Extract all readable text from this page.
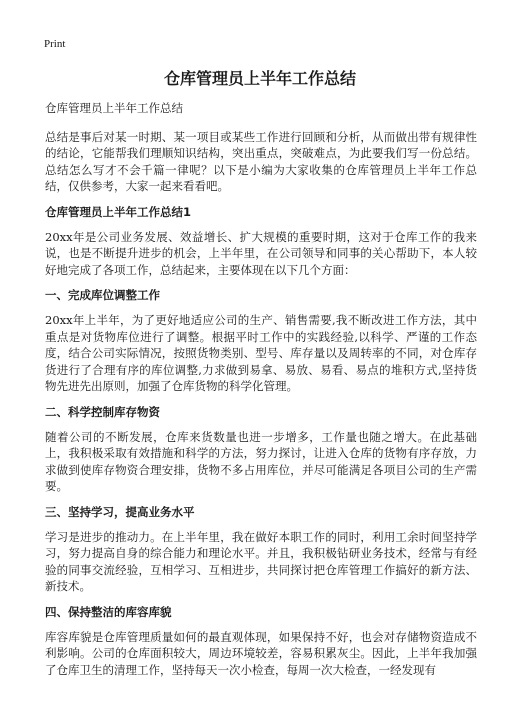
Print
仓库管理员上半年工作总结

仓库管理员上半年工作总结

总结是事后对某一时期、某一项目或某些工作进行回顾和分析，从而做出带有规律性的结论，它能帮我们理顺知识结构，突出重点，突破难点，为此要我们写一份总结。总结怎么写才不会千篇一律呢？以下是小编为大家收集的仓库管理员上半年工作总结，仅供参考，大家一起来看看吧。

仓库管理员上半年工作总结1

20xx年是公司业务发展、效益增长、扩大规模的重要时期，这对于仓库工作的我来说，也是不断提升进步的机会，上半年里，在公司领导和同事的关心帮助下，本人较好地完成了各项工作，总结起来，主要体现在以下几个方面：

一、完成库位调整工作

20xx年上半年，为了更好地适应公司的生产、销售需要,我不断改进工作方法，其中重点是对货物库位进行了调整。根据平时工作中的实践经验,以科学、严谨的工作态度，结合公司实际情况，按照货物类别、型号、库存量以及周转率的不同，对仓库存货进行了合理有序的库位调整,力求做到易拿、易放、易看、易点的堆积方式,坚持货物先进先出原则，加强了仓库货物的科学化管理。

二、科学控制库存物资

随着公司的不断发展，仓库来货数量也进一步增多，工作量也随之增大。在此基础上，我积极采取有效措施和科学的方法，努力探讨，让进入仓库的货物有序存放，力求做到使库存物资合理安排，货物不多占用库位，并尽可能满足各项目公司的生产需要。

三、坚持学习，提高业务水平

学习是进步的推动力。在上半年里，我在做好本职工作的同时，利用工余时间坚持学习，努力提高自身的综合能力和理论水平。并且，我积极钻研业务技术，经常与有经验的同事交流经验，互相学习、互相进步，共同探讨把仓库管理工作搞好的新方法、新技术。

四、保持整洁的库容库貌

库容库貌是仓库管理质量如何的最直观体现，如果保持不好，也会对存储物资造成不利影响。公司的仓库面积较大，周边环境较差，容易积累灰尘。因此，上半年我加强了仓库卫生的清理工作，坚持每天一次小检查，每周一次大检查，一经发现有
